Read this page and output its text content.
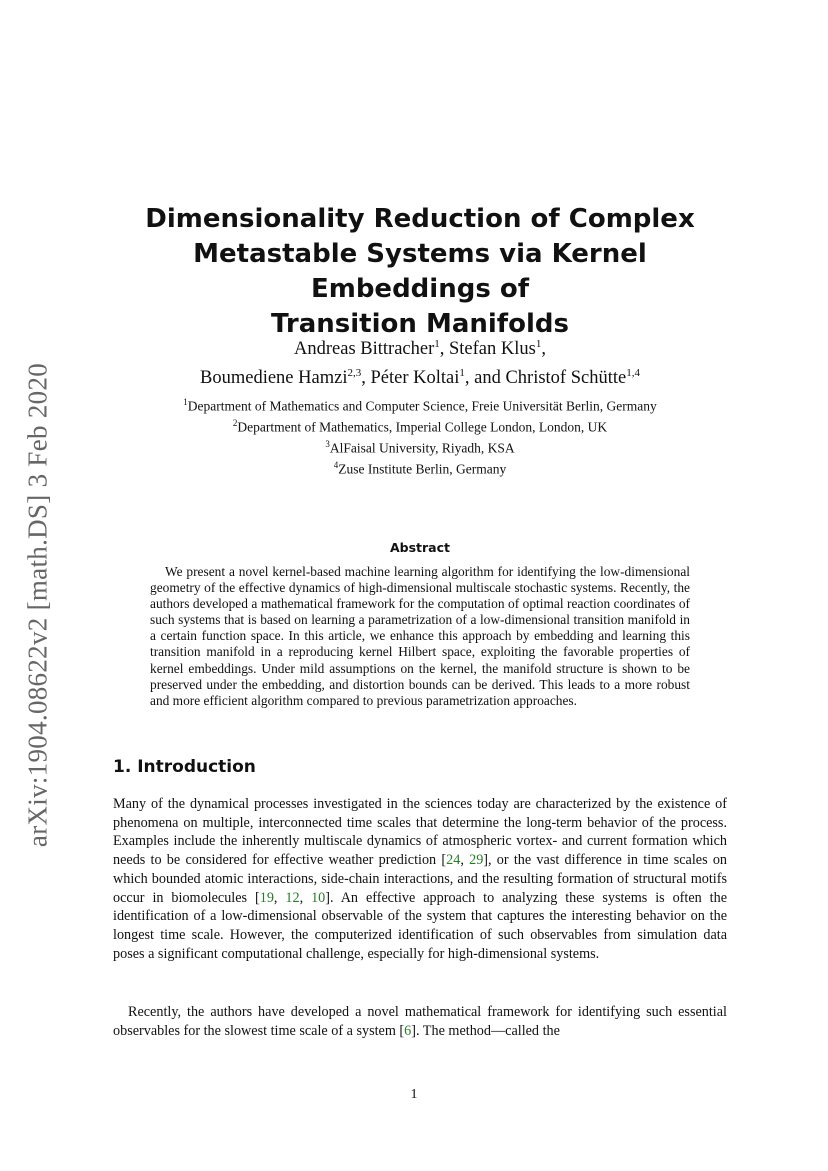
arXiv:1904.08622v2 [math.DS] 3 Feb 2020
Dimensionality Reduction of Complex
Metastable Systems via Kernel Embeddings of
Transition Manifolds
Andreas Bittracher$^1$, Stefan Klus$^1$,
Boumediene Hamzi$^{2,3}$, Péter Koltai$^1$, and Christof Schütte$^{1,4}$
$^1$Department of Mathematics and Computer Science, Freie Universität Berlin, Germany
$^2$Department of Mathematics, Imperial College London, London, UK
$^3$AlFaisal University, Riyadh, KSA
$^4$Zuse Institute Berlin, Germany
Abstract

We present a novel kernel-based machine learning algorithm for identifying the low-dimensional geometry of the effective dynamics of high-dimensional multiscale stochastic systems. Recently, the authors developed a mathematical framework for the computation of optimal reaction coordinates of such systems that is based on learning a parametrization of a low-dimensional transition manifold in a certain function space. In this article, we enhance this approach by embedding and learning this transition manifold in a reproducing kernel Hilbert space, exploiting the favorable properties of kernel embeddings. Under mild assumptions on the kernel, the manifold structure is shown to be preserved under the embedding, and distortion bounds can be derived. This leads to a more robust and more efficient algorithm compared to previous parametrization approaches.

1. Introduction

Many of the dynamical processes investigated in the sciences today are characterized by the existence of phenomena on multiple, interconnected time scales that determine the long-term behavior of the process. Examples include the inherently multiscale dynamics of atmospheric vortex- and current formation which needs to be considered for effective weather prediction [24, 29], or the vast difference in time scales on which bounded atomic interactions, side-chain interactions, and the resulting formation of structural motifs occur in biomolecules [19, 12, 10]. An effective approach to analyzing these systems is often the identification of a low-dimensional observable of the system that captures the interesting behavior on the longest time scale. However, the computerized identification of such observables from simulation data poses a significant computational challenge, especially for high-dimensional systems.

Recently, the authors have developed a novel mathematical framework for identifying such essential observables for the slowest time scale of a system [6]. The method—called the

1
